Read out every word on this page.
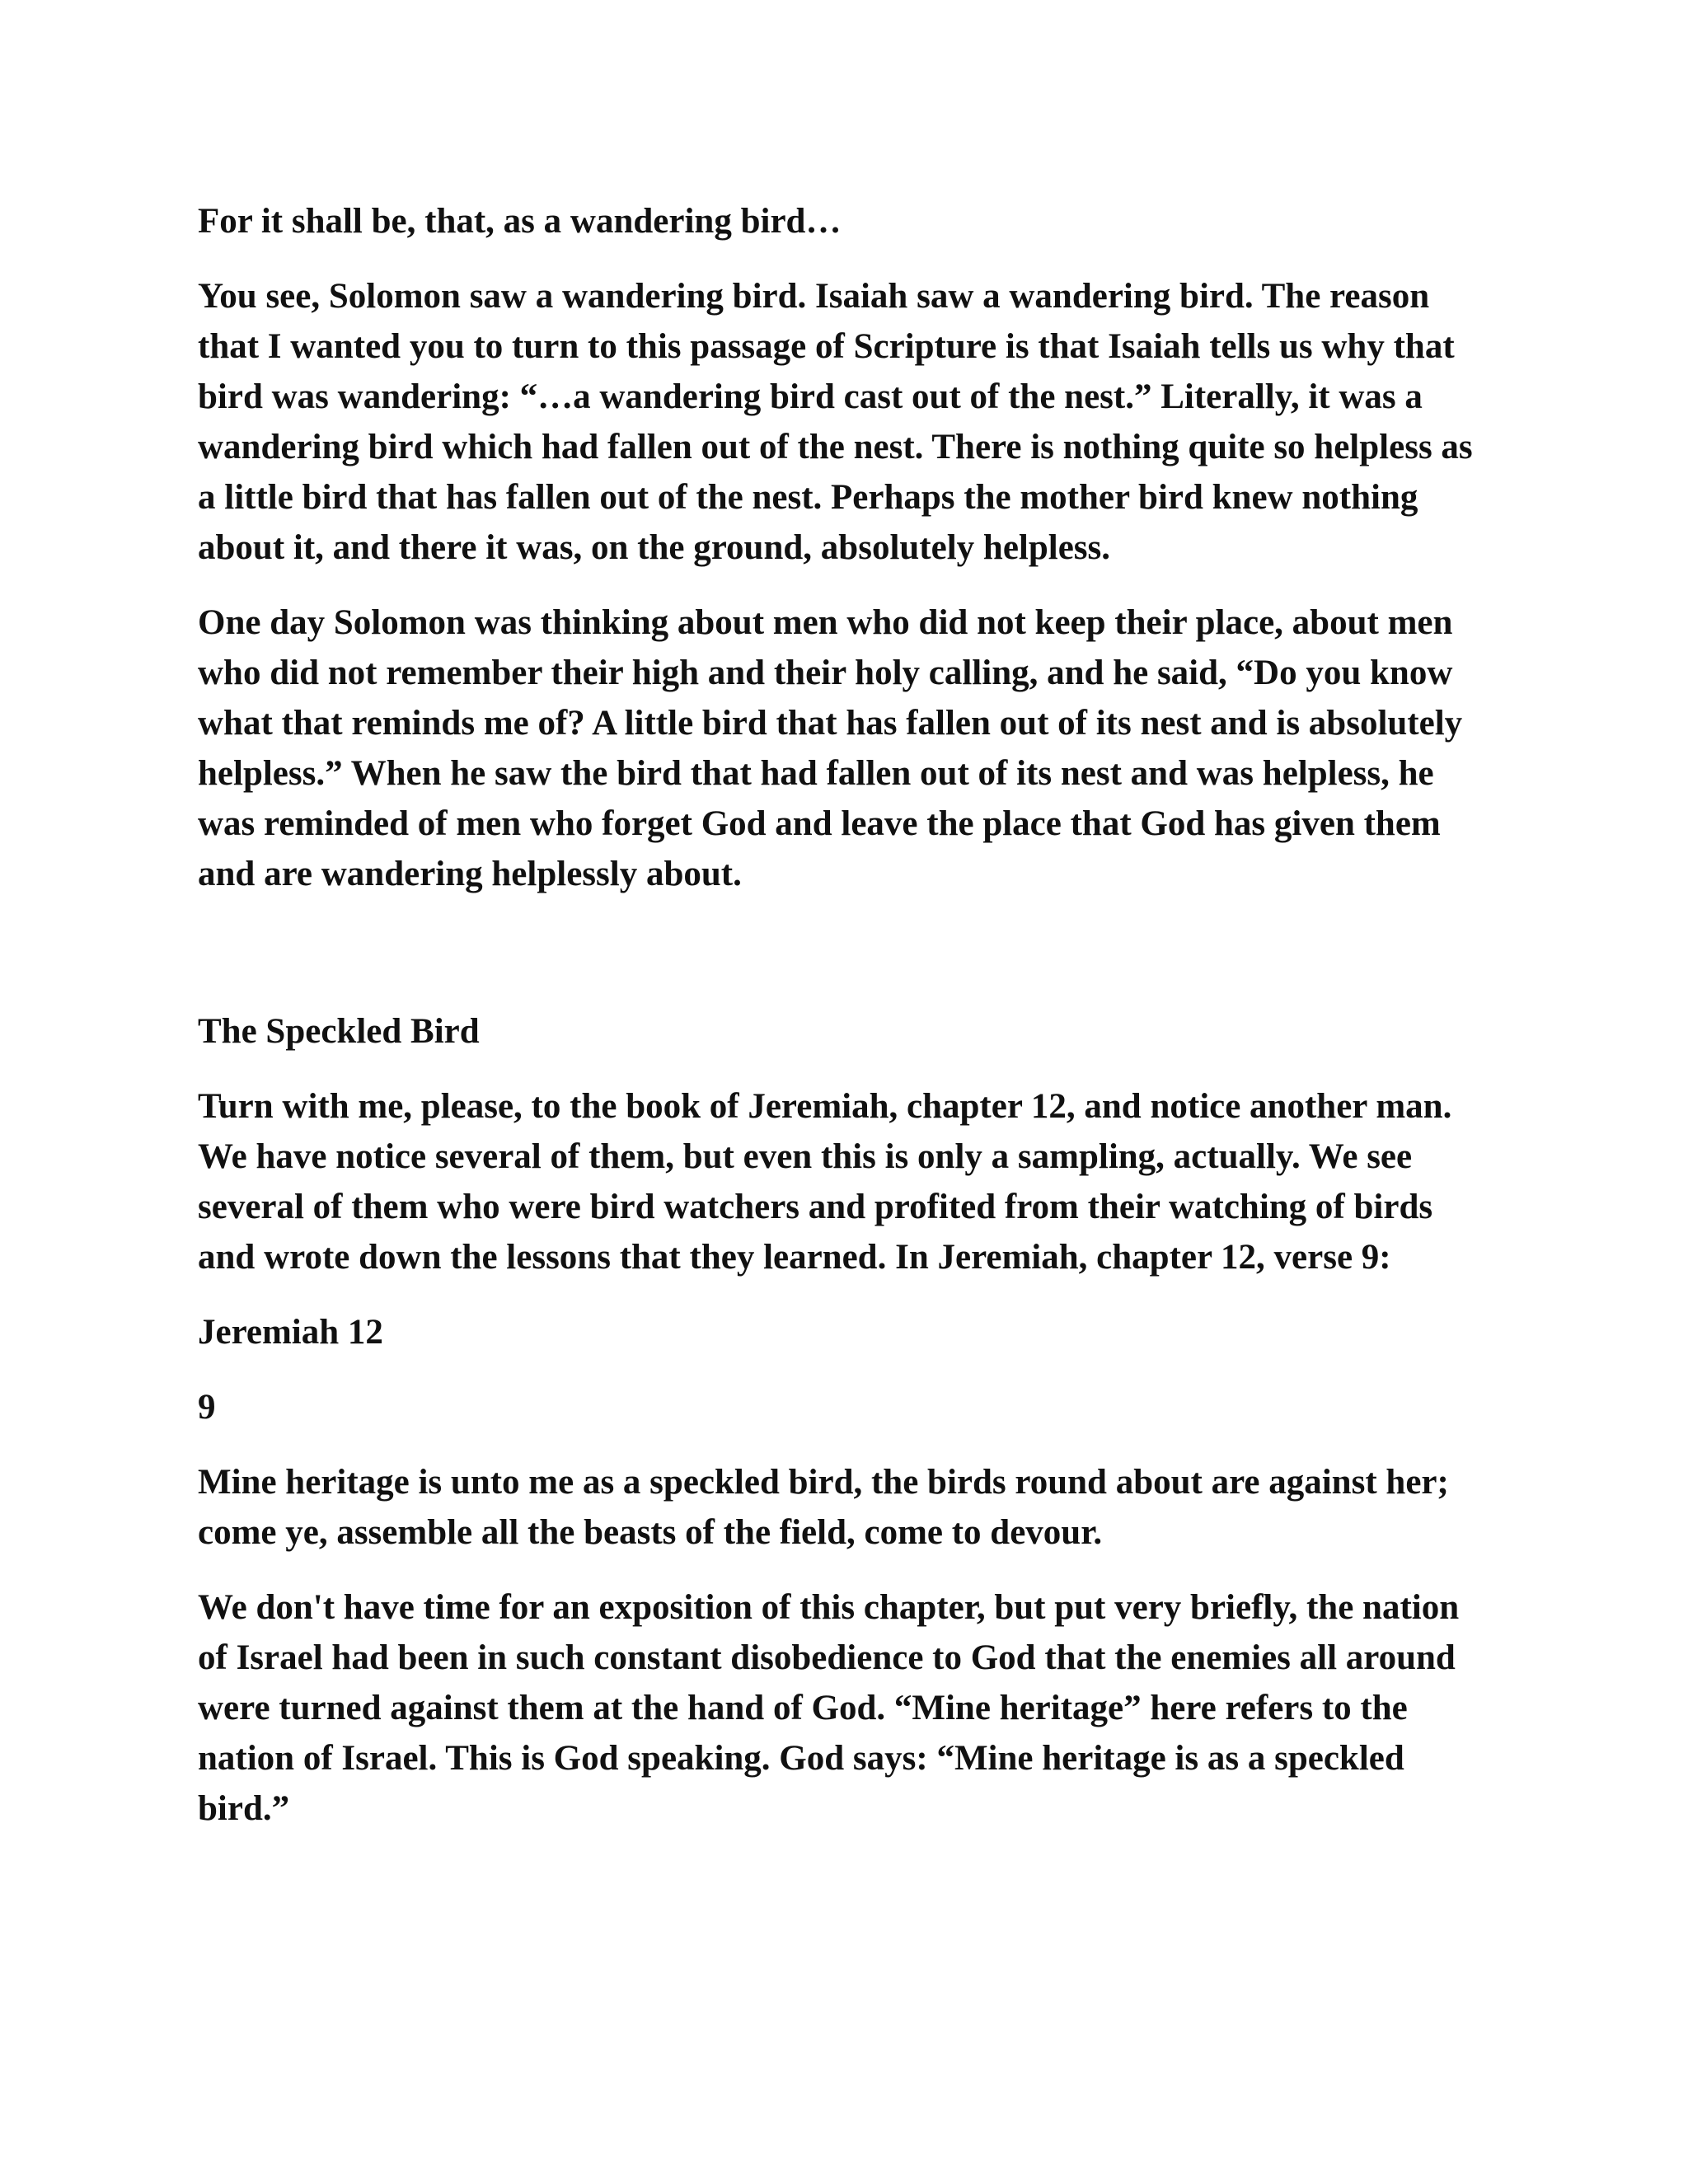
For it shall be, that, as a wandering bird…

You see, Solomon saw a wandering bird. Isaiah saw a wandering bird. The reason that I wanted you to turn to this passage of Scripture is that Isaiah tells us why that bird was wandering: “…a wandering bird cast out of the nest.” Literally, it was a wandering bird which had fallen out of the nest. There is nothing quite so helpless as a little bird that has fallen out of the nest. Perhaps the mother bird knew nothing about it, and there it was, on the ground, absolutely helpless.

One day Solomon was thinking about men who did not keep their place, about men who did not remember their high and their holy calling, and he said, “Do you know what that reminds me of? A little bird that has fallen out of its nest and is absolutely helpless.” When he saw the bird that had fallen out of its nest and was helpless, he was reminded of men who forget God and leave the place that God has given them and are wandering helplessly about.

The Speckled Bird

Turn with me, please, to the book of Jeremiah, chapter 12, and notice another man. We have notice several of them, but even this is only a sampling, actually. We see several of them who were bird watchers and profited from their watching of birds and wrote down the lessons that they learned. In Jeremiah, chapter 12, verse 9:

Jeremiah 12

9

Mine heritage is unto me as a speckled bird, the birds round about are against her; come ye, assemble all the beasts of the field, come to devour.

We don't have time for an exposition of this chapter, but put very briefly, the nation of Israel had been in such constant disobedience to God that the enemies all around were turned against them at the hand of God. “Mine heritage” here refers to the nation of Israel. This is God speaking. God says: “Mine heritage is as a speckled bird.”
